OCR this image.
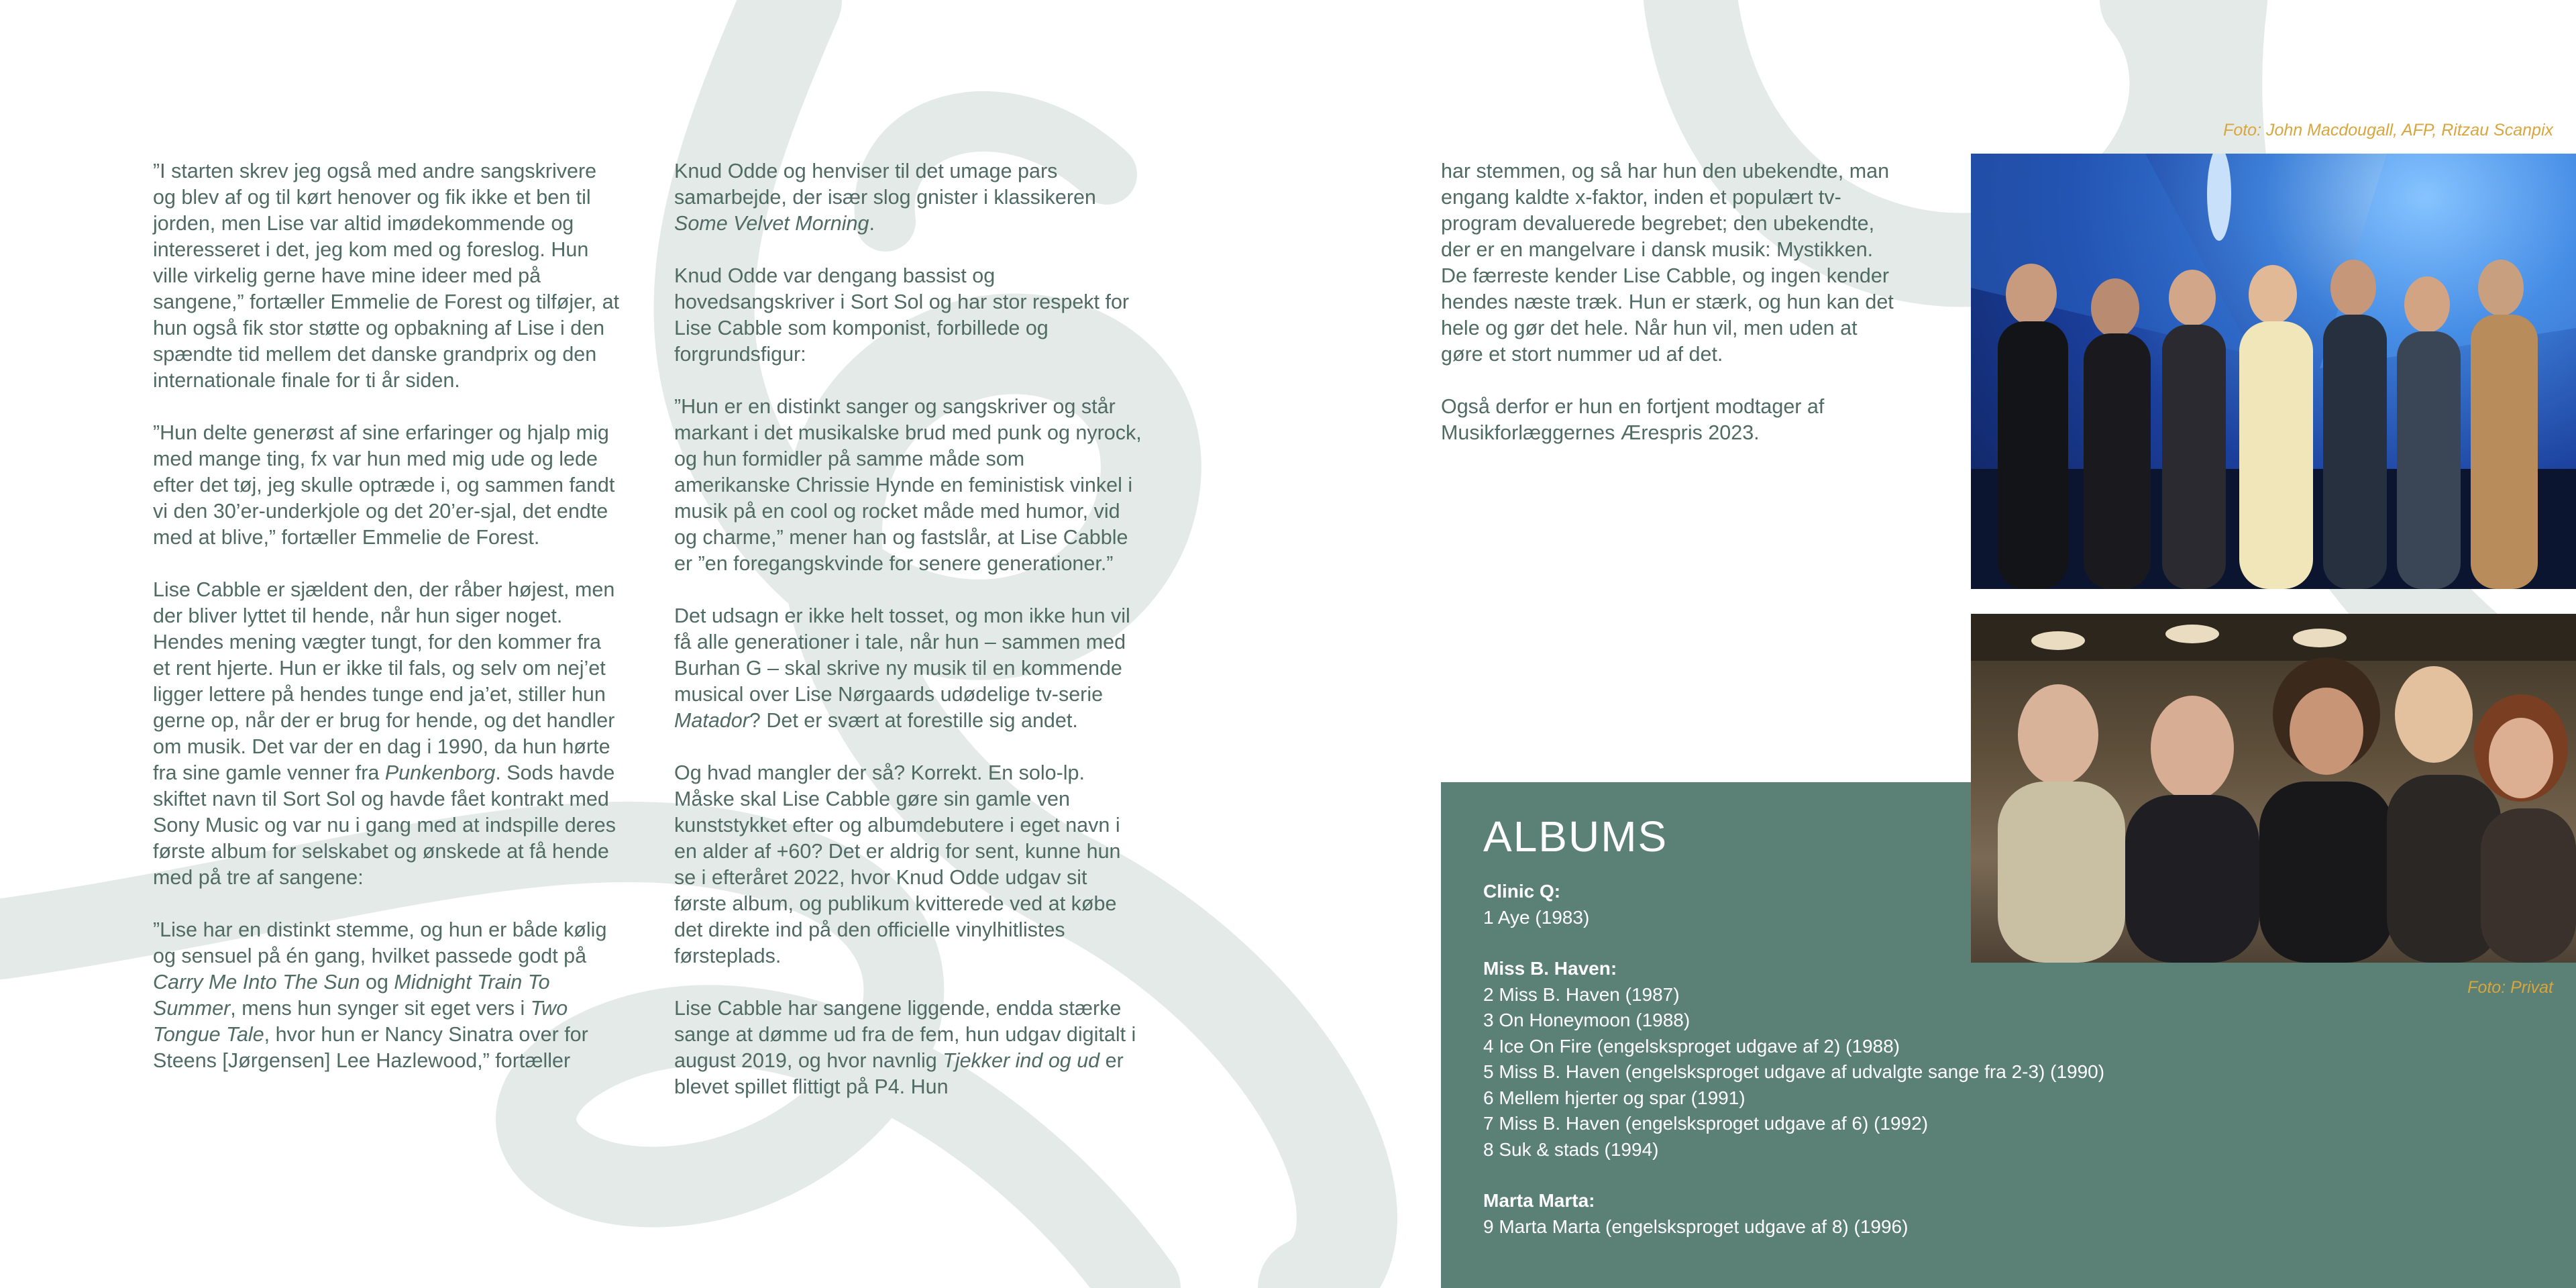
”I starten skrev jeg også med andre sangskrivere og blev af og til kørt henover og fik ikke et ben til jorden, men Lise var altid imødekommende og interesseret i det, jeg kom med og foreslog. Hun ville virkelig gerne have mine ideer med på sangene,” fortæller Emmelie de Forest og tilføjer, at hun også fik stor støtte og opbakning af Lise i den spændte tid mellem det danske grandprix og den internationale finale for ti år siden.

”Hun delte generøst af sine erfaringer og hjalp mig med mange ting, fx var hun med mig ude og lede efter det tøj, jeg skulle optræde i, og sammen fandt vi den 30’er-underkjole og det 20’er-sjal, det endte med at blive,” fortæller Emmelie de Forest.

Lise Cabble er sjældent den, der råber højest, men der bliver lyttet til hende, når hun siger noget. Hendes mening vægter tungt, for den kommer fra et rent hjerte. Hun er ikke til fals, og selv om nej’et ligger lettere på hendes tunge end ja’et, stiller hun gerne op, når der er brug for hende, og det handler om musik. Det var der en dag i 1990, da hun hørte fra sine gamle venner fra Punkenborg. Sods havde skiftet navn til Sort Sol og havde fået kontrakt med Sony Music og var nu i gang med at indspille deres første album for selskabet og ønskede at få hende med på tre af sangene:

”Lise har en distinkt stemme, og hun er både kølig og sensuel på én gang, hvilket passede godt på Carry Me Into The Sun og Midnight Train To Summer, mens hun synger sit eget vers i Two Tongue Tale, hvor hun er Nancy Sinatra over for Steens [Jørgensen] Lee Hazlewood,” fortæller

Knud Odde og henviser til det umage pars samarbejde, der især slog gnister i klassikeren Some Velvet Morning.

Knud Odde var dengang bassist og hovedsangskriver i Sort Sol og har stor respekt for Lise Cabble som komponist, forbillede og forgrundsfigur:

”Hun er en distinkt sanger og sangskriver og står markant i det musikalske brud med punk og nyrock, og hun formidler på samme måde som amerikanske Chrissie Hynde en feministisk vinkel i musik på en cool og rocket måde med humor, vid og charme,” mener han og fastslår, at Lise Cabble er ”en foregangskvinde for senere generationer.”

Det udsagn er ikke helt tosset, og mon ikke hun vil få alle generationer i tale, når hun – sammen med Burhan G – skal skrive ny musik til en kommende musical over Lise Nørgaards udødelige tv-serie Matador? Det er svært at forestille sig andet.

Og hvad mangler der så? Korrekt. En solo-lp. Måske skal Lise Cabble gøre sin gamle ven kunststykket efter og albumdebutere i eget navn i en alder af +60? Det er aldrig for sent, kunne hun se i efteråret 2022, hvor Knud Odde udgav sit første album, og publikum kvitterede ved at købe det direkte ind på den officielle vinylhitlistes førsteplads.

Lise Cabble har sangene liggende, endda stærke sange at dømme ud fra de fem, hun udgav digitalt i august 2019, og hvor navnlig Tjekker ind og ud er blevet spillet flittigt på P4. Hun

har stemmen, og så har hun den ubekendte, man engang kaldte x-faktor, inden et populært tv-program devaluerede begrebet; den ubekendte, der er en mangelvare i dansk musik: Mystikken. De færreste kender Lise Cabble, og ingen kender hendes næste træk. Hun er stærk, og hun kan det hele og gør det hele. Når hun vil, men uden at gøre et stort nummer ud af det.

Også derfor er hun en fortjent modtager af Musikforlæggernes Ærespris 2023.

Foto: John Macdougall, AFP, Ritzau Scanpix
Foto: Privat
ALBUMS
Clinic Q:
1 Aye (1983)
Miss B. Haven:
2 Miss B. Haven (1987)
3 On Honeymoon (1988)
4 Ice On Fire (engelsksproget udgave af 2) (1988)
5 Miss B. Haven (engelsksproget udgave af udvalgte sange fra 2-3) (1990)
6 Mellem hjerter og spar (1991)
7 Miss B. Haven (engelsksproget udgave af 6) (1992)
8 Suk & stads (1994)
Marta Marta:
9 Marta Marta (engelsksproget udgave af 8) (1996)
